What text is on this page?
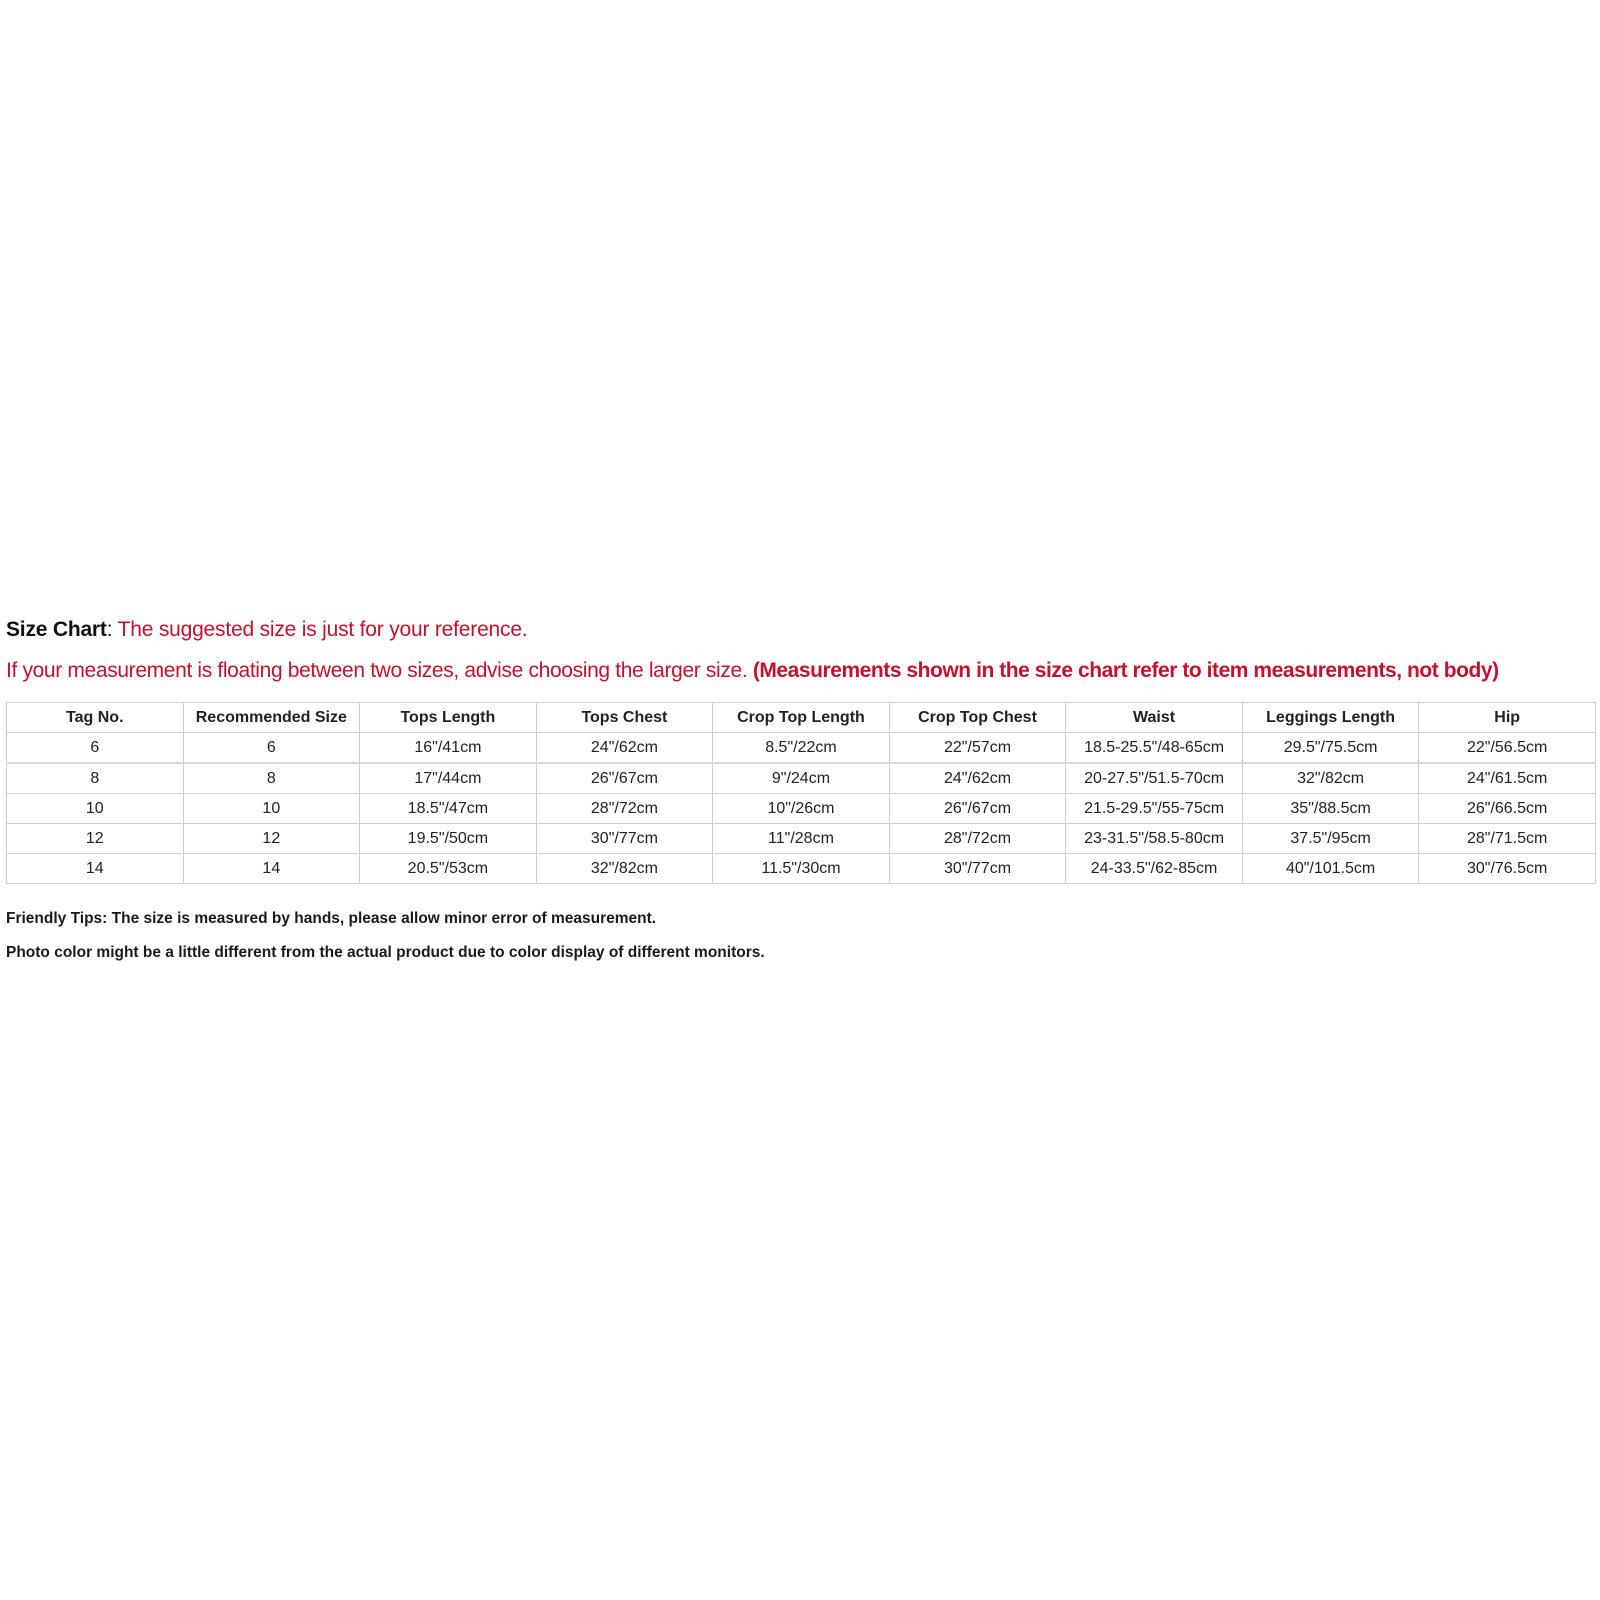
Size Chart: The suggested size is just for your reference.
If your measurement is floating between two sizes, advise choosing the larger size. (Measurements shown in the size chart refer to item measurements, not body)
Tag No.	Recommended Size	Tops Length	Tops Chest	Crop Top Length	Crop Top Chest	Waist	Leggings Length	Hip
6	6	16"/41cm	24"/62cm	8.5"/22cm	22"/57cm	18.5-25.5"/48-65cm	29.5"/75.5cm	22"/56.5cm
8	8	17"/44cm	26"/67cm	9"/24cm	24"/62cm	20-27.5"/51.5-70cm	32"/82cm	24"/61.5cm
10	10	18.5"/47cm	28"/72cm	10"/26cm	26"/67cm	21.5-29.5"/55-75cm	35"/88.5cm	26"/66.5cm
12	12	19.5"/50cm	30"/77cm	11"/28cm	28"/72cm	23-31.5"/58.5-80cm	37.5"/95cm	28"/71.5cm
14	14	20.5"/53cm	32"/82cm	11.5"/30cm	30"/77cm	24-33.5"/62-85cm	40"/101.5cm	30"/76.5cm
Friendly Tips: The size is measured by hands, please allow minor error of measurement.
Photo color might be a little different from the actual product due to color display of different monitors.
